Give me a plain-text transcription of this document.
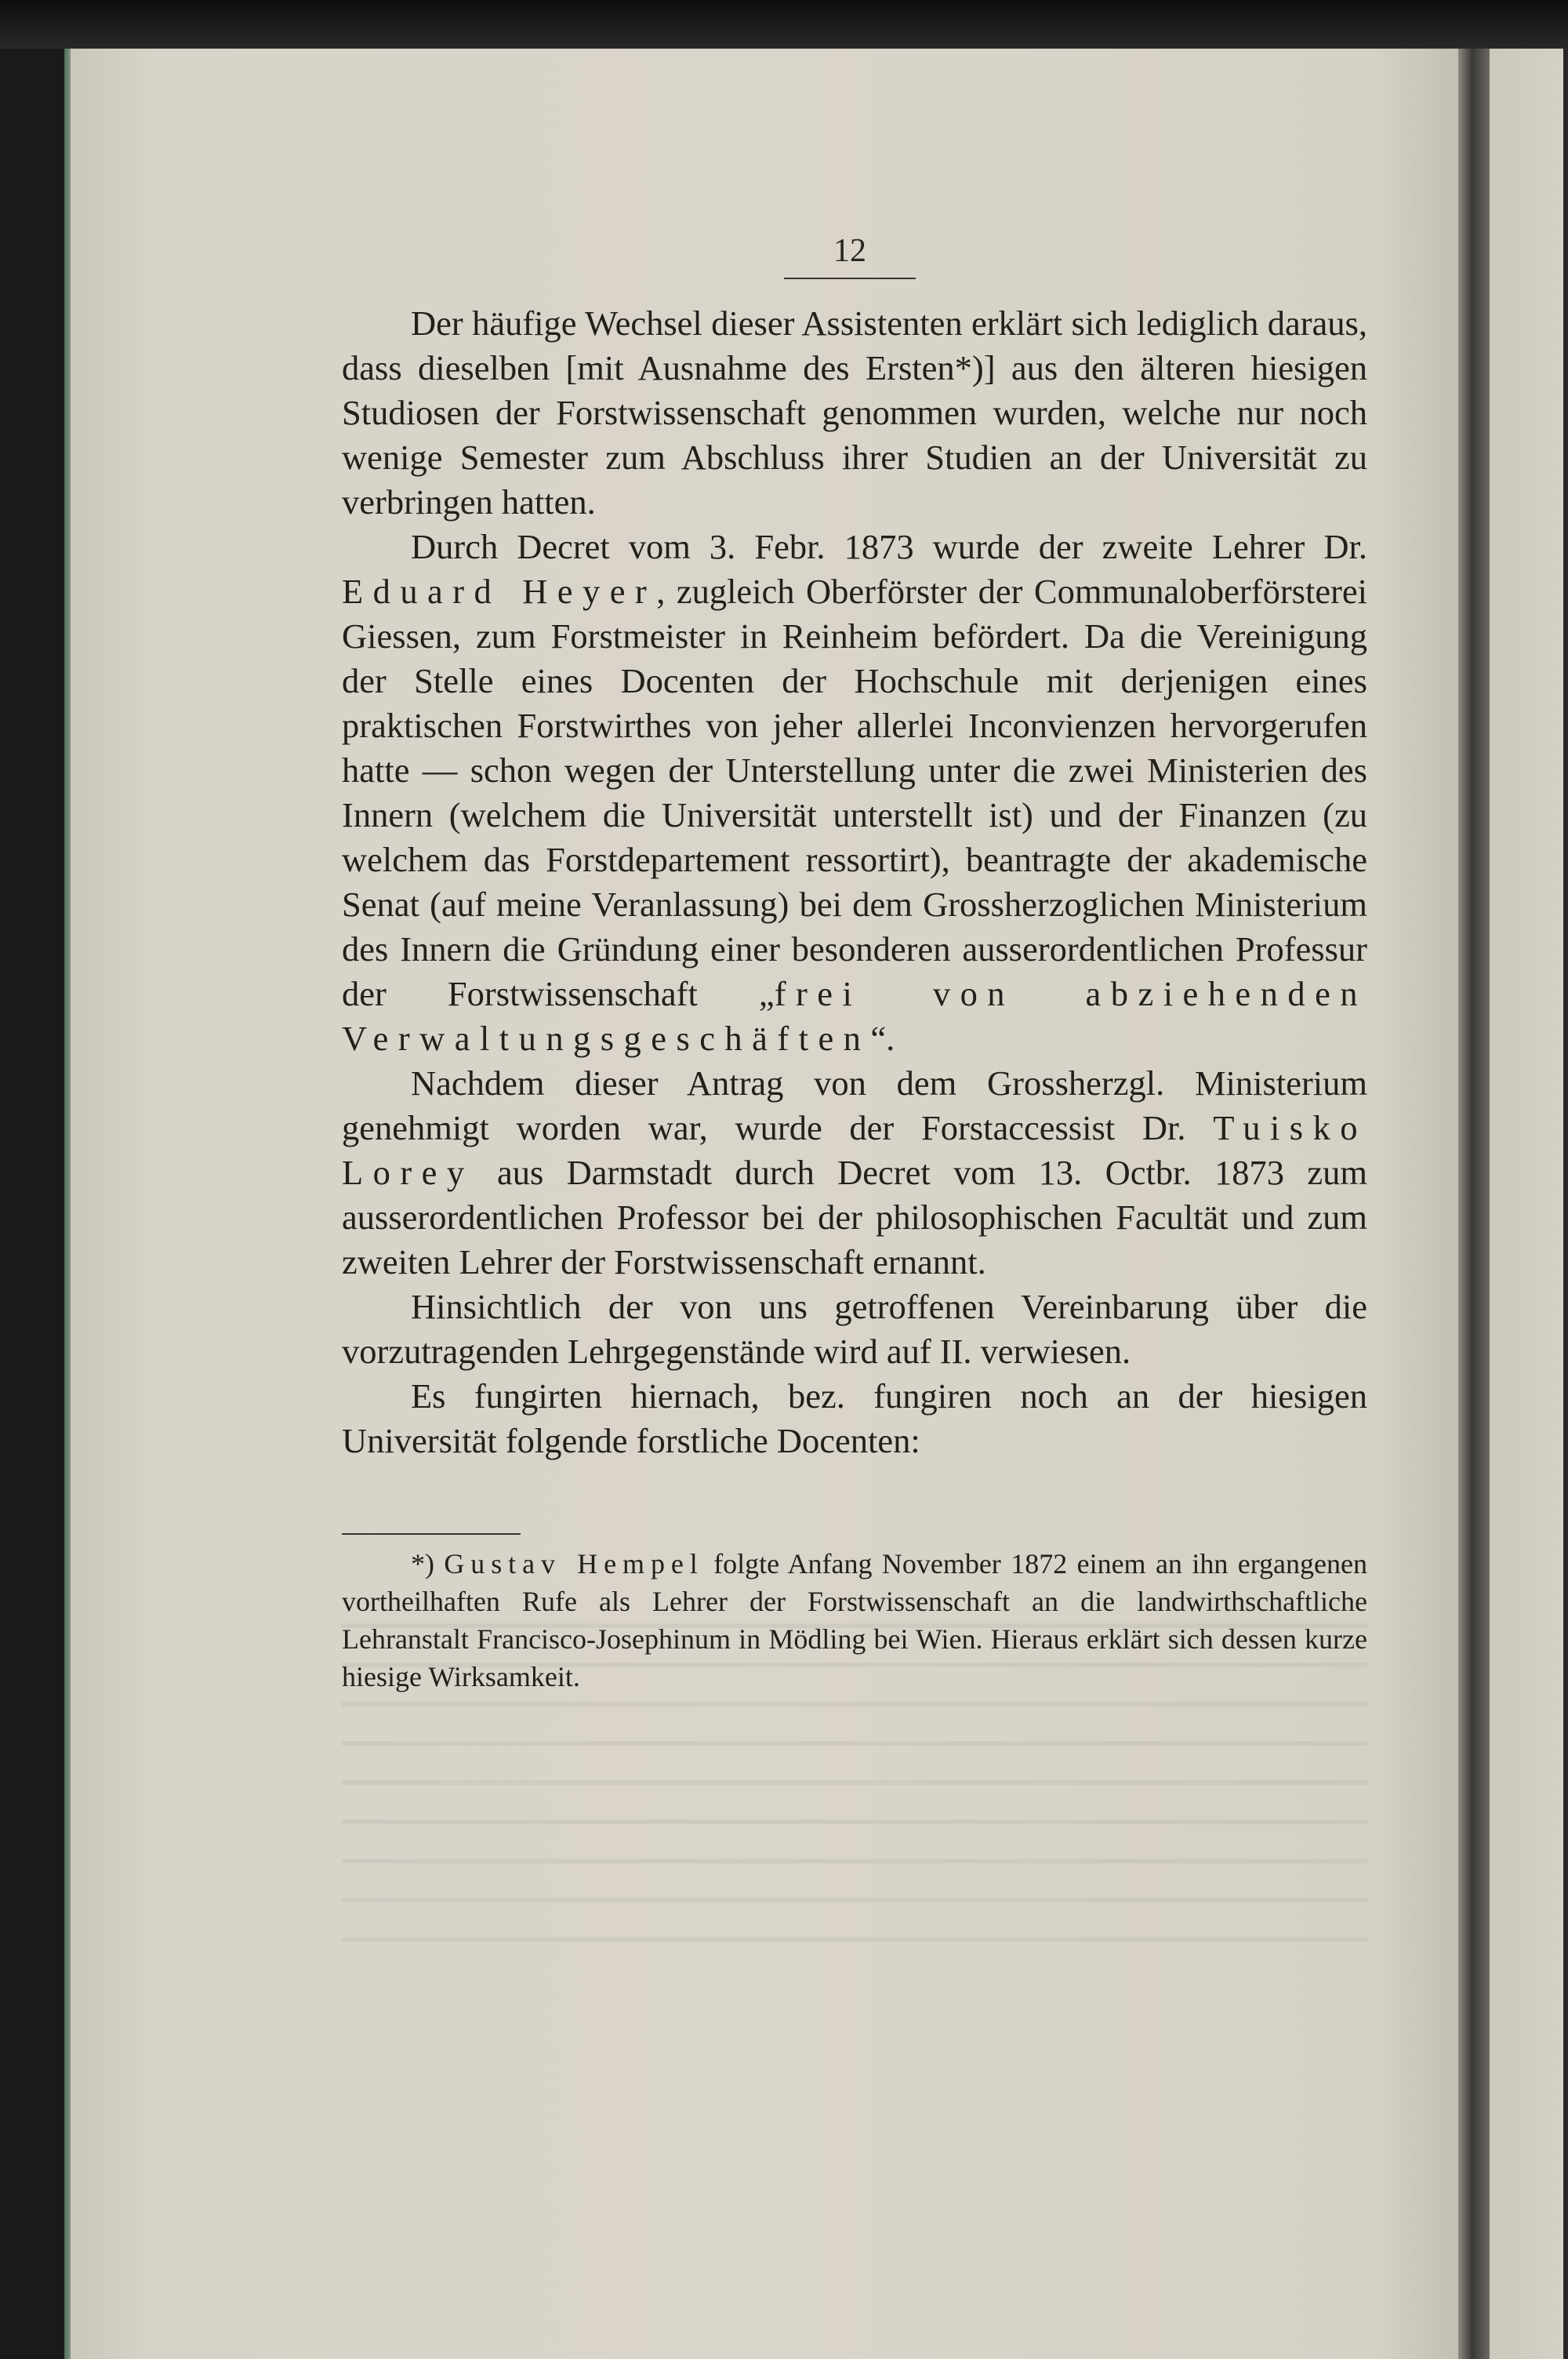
12

Der häufige Wechsel dieser Assistenten erklärt sich lediglich daraus, dass dieselben [mit Ausnahme des Ersten*)] aus den älteren hiesigen Studiosen der Forstwissenschaft genommen wurden, welche nur noch wenige Semester zum Abschluss ihrer Studien an der Universität zu verbringen hatten.

Durch Decret vom 3. Febr. 1873 wurde der zweite Lehrer Dr. Eduard Heyer, zugleich Oberförster der Communaloberförsterei Giessen, zum Forstmeister in Reinheim befördert. Da die Vereinigung der Stelle eines Docenten der Hochschule mit derjenigen eines praktischen Forstwirthes von jeher allerlei Inconvienzen hervorgerufen hatte — schon wegen der Unterstellung unter die zwei Ministerien des Innern (welchem die Universität unterstellt ist) und der Finanzen (zu welchem das Forstdepartement ressortirt), beantragte der akademische Senat (auf meine Veranlassung) bei dem Grossherzoglichen Ministerium des Innern die Gründung einer besonderen ausserordentlichen Professur der Forstwissenschaft „frei von abziehenden Verwaltungsgeschäften“.

Nachdem dieser Antrag von dem Grossherzgl. Ministerium genehmigt worden war, wurde der Forstaccessist Dr. Tuisko Lorey aus Darmstadt durch Decret vom 13. Octbr. 1873 zum ausserordentlichen Professor bei der philosophischen Facultät und zum zweiten Lehrer der Forstwissenschaft ernannt.

Hinsichtlich der von uns getroffenen Vereinbarung über die vorzutragenden Lehrgegenstände wird auf II. verwiesen.

Es fungirten hiernach, bez. fungiren noch an der hiesigen Universität folgende forstliche Docenten:

*) Gustav Hempel folgte Anfang November 1872 einem an ihn ergangenen vortheilhaften Rufe als Lehrer der Forstwissenschaft an die landwirthschaftliche Lehranstalt Francisco-Josephinum in Mödling bei Wien. Hieraus erklärt sich dessen kurze hiesige Wirksamkeit.
